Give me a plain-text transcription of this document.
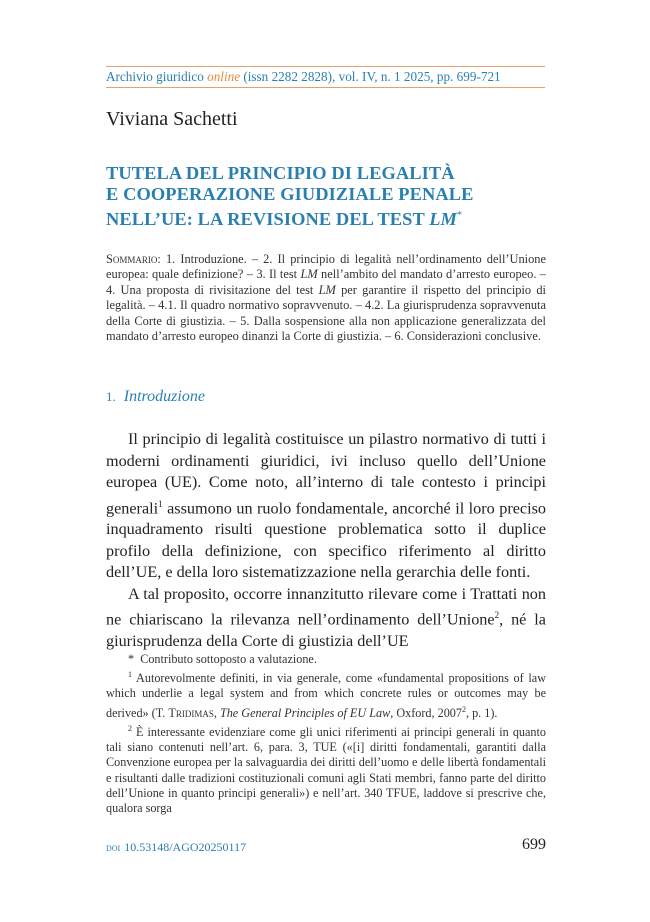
Archivio giuridico online (issn 2282 2828), vol. IV, n. 1 2025, pp. 699-721
Viviana Sachetti
TUTELA DEL PRINCIPIO DI LEGALITÀ
E COOPERAZIONE GIUDIZIALE PENALE
NELL’UE: LA REVISIONE DEL TEST LM*
Sommario: 1. Introduzione. – 2. Il principio di legalità nell’ordinamento dell’Unione europea: quale definizione? – 3. Il test LM nell’ambito del mandato d’arresto europeo. – 4. Una proposta di rivisitazione del test LM per garantire il rispetto del principio di legalità. – 4.1. Il quadro normativo sopravvenuto. – 4.2. La giurisprudenza sopravvenuta della Corte di giustizia. – 5. Dalla sospensione alla non applicazione generalizzata del mandato d’arresto europeo dinanzi la Corte di giustizia. – 6. Considerazioni conclusive.
1. Introduzione

Il principio di legalità costituisce un pilastro normativo di tutti i moderni ordinamenti giuridici, ivi incluso quello dell’Unione europea (UE). Come noto, all’interno di tale contesto i principi generali$^1$ assumono un ruolo fondamentale, ancorché il loro preciso inquadramento risulti questione problematica sotto il duplice profilo della definizione, con specifico riferimento al diritto dell’UE, e della loro sistematizzazione nella gerarchia delle fonti.

A tal proposito, occorre innanzitutto rilevare come i Trattati non ne chiariscano la rilevanza nell’ordinamento dell’Unione$^2$, né la giurisprudenza della Corte di giustizia dell’UE

* Contributo sottoposto a valutazione.

$^1$ Autorevolmente definiti, in via generale, come «fundamental propositions of law which underlie a legal system and from which concrete rules or outcomes may be derived» (T. Tridimas, The General Principles of EU Law, Oxford, 2007$^2$, p. 1).

$^2$ È interessante evidenziare come gli unici riferimenti ai principi generali in quanto tali siano contenuti nell’art. 6, para. 3, TUE («[i] diritti fondamentali, garantiti dalla Convenzione europea per la salvaguardia dei diritti dell’uomo e delle libertà fondamentali e risultanti dalle tradizioni costituzionali comuni agli Stati membri, fanno parte del diritto dell’Unione in quanto principi generali») e nell’art. 340 TFUE, laddove si prescrive che, qualora sorga

doi 10.53148/AGO20250117	699
